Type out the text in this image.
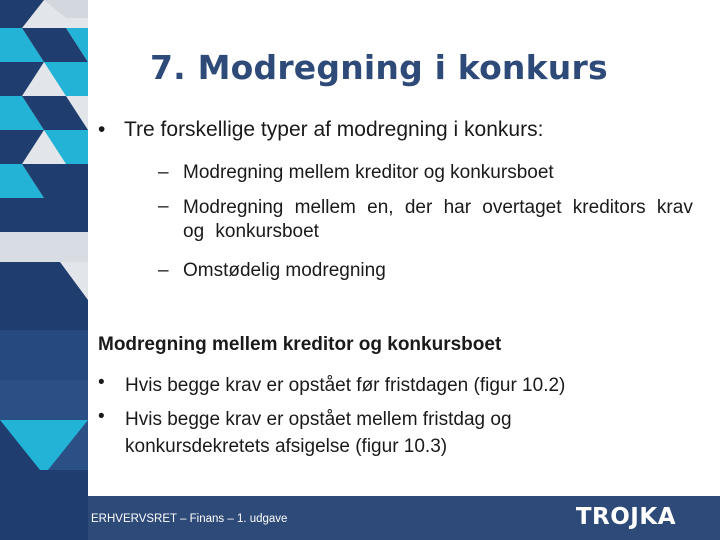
7. Modregning i konkurs
• Tre forskellige typer af modregning i konkurs:
– Modregning mellem kreditor og konkursboet
– Modregning mellem en, der har overtaget kreditors krav og konkursboet
– Omstødelig modregning
Modregning mellem kreditor og konkursboet
• Hvis begge krav er opstået før fristdagen (figur 10.2)
• Hvis begge krav er opstået mellem fristdag og konkursdekretets afsigelse (figur 10.3)
ERHVERVSRET – Finans – 1. udgave	TROJKA
